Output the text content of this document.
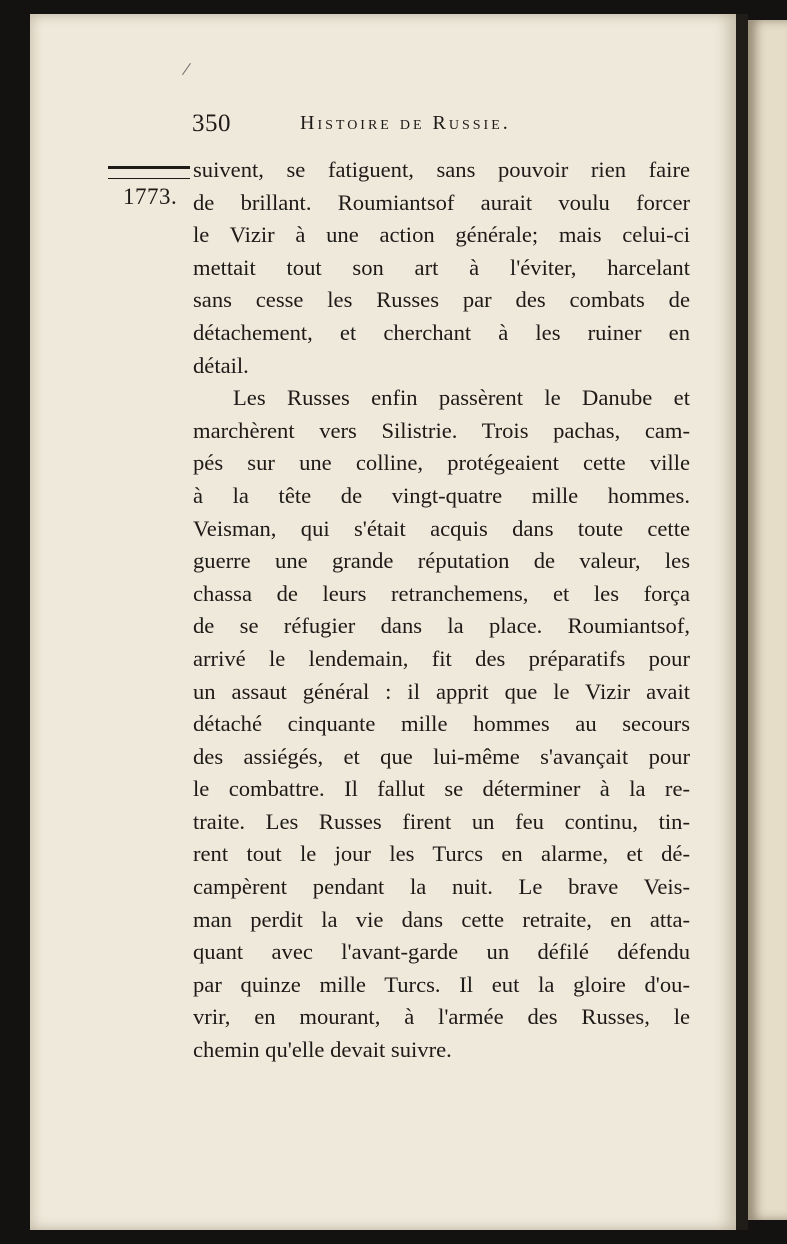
350	Histoire de Russie.
1773.
suivent, se fatiguent, sans pouvoir rien faire
de brillant. Roumiantsof aurait voulu forcer
le Vizir à une action générale; mais celui-ci
mettait tout son art à l'éviter, harcelant
sans cesse les Russes par des combats de
détachement, et cherchant à les ruiner en
détail.
Les Russes enfin passèrent le Danube et
marchèrent vers Silistrie. Trois pachas, cam-
pés sur une colline, protégeaient cette ville
à la tête de vingt-quatre mille hommes.
Veisman, qui s'était acquis dans toute cette
guerre une grande réputation de valeur, les
chassa de leurs retranchemens, et les força
de se réfugier dans la place. Roumiantsof,
arrivé le lendemain, fit des préparatifs pour
un assaut général : il apprit que le Vizir avait
détaché cinquante mille hommes au secours
des assiégés, et que lui-même s'avançait pour
le combattre. Il fallut se déterminer à la re-
traite. Les Russes firent un feu continu, tin-
rent tout le jour les Turcs en alarme, et dé-
campèrent pendant la nuit. Le brave Veis-
man perdit la vie dans cette retraite, en atta-
quant avec l'avant-garde un défilé défendu
par quinze mille Turcs. Il eut la gloire d'ou-
vrir, en mourant, à l'armée des Russes, le
chemin qu'elle devait suivre.
